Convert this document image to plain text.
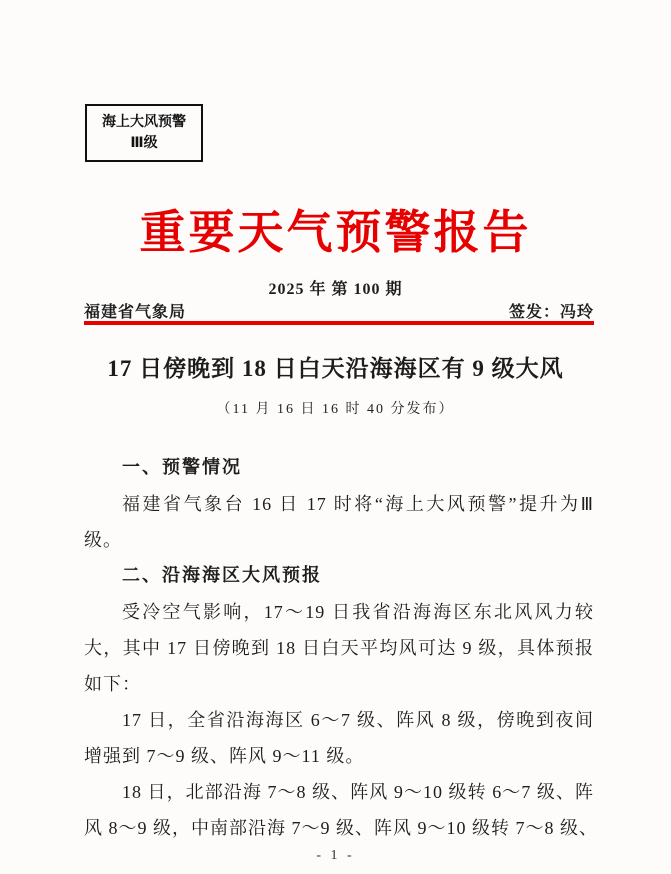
海上大风预警
Ⅲ级
重要天气预警报告
2025 年 第 100 期
福建省气象局	签发：冯玲
17 日傍晚到 18 日白天沿海海区有 9 级大风
（11 月 16 日 16 时 40 分发布）
一、预警情况
福建省气象台 16 日 17 时将“海上大风预警”提升为Ⅲ
级。
二、沿海海区大风预报
受冷空气影响，17～19 日我省沿海海区东北风风力较
大，其中 17 日傍晚到 18 日白天平均风可达 9 级，具体预报
如下：
17 日，全省沿海海区 6～7 级、阵风 8 级，傍晚到夜间
增强到 7～9 级、阵风 9～11 级。
18 日，北部沿海 7～8 级、阵风 9～10 级转 6～7 级、阵
风 8～9 级，中南部沿海 7～9 级、阵风 9～10 级转 7～8 级、
- 1 -
